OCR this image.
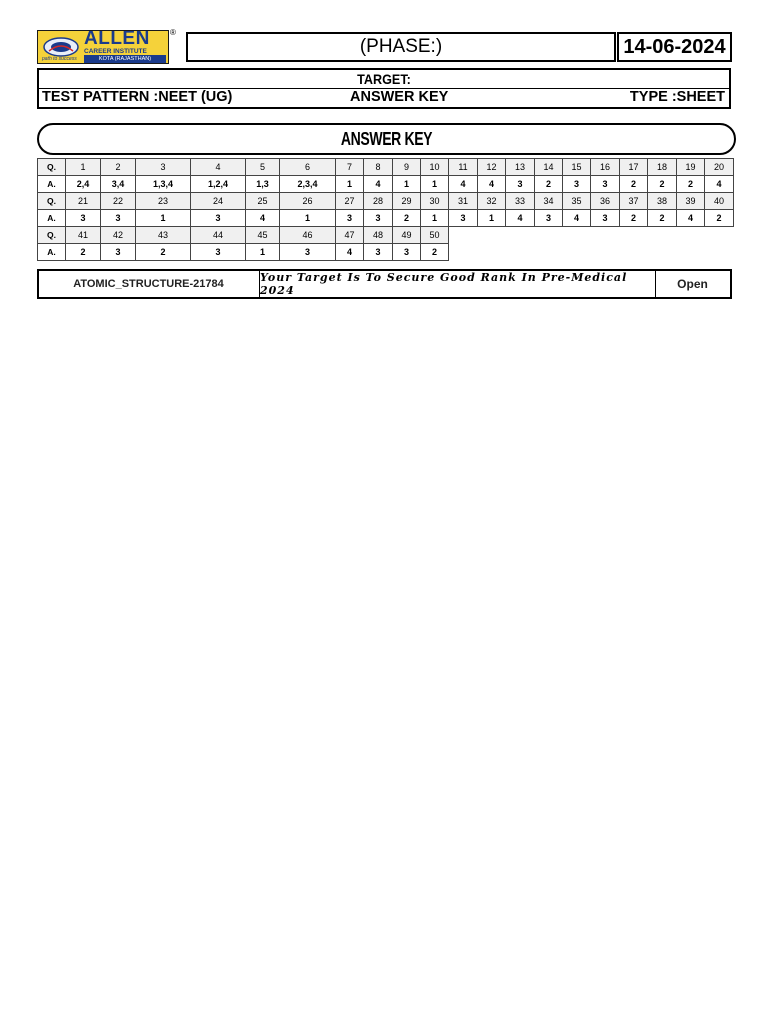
ALLEN
CAREER INSTITUTE
KOTA (RAJASTHAN)
path to success
®
(PHASE:)	14-06-2024
TARGET:
TEST PATTERN :NEET (UG)	ANSWER KEY	TYPE :SHEET
ANSWER KEY
Q.	1	2	3	4	5	6	7	8	9	10	11	12	13	14	15	16	17	18	19	20
A.	2,4	3,4	1,3,4	1,2,4	1,3	2,3,4	1	4	1	1	4	4	3	2	3	3	2	2	2	4
Q.	21	22	23	24	25	26	27	28	29	30	31	32	33	34	35	36	37	38	39	40
A.	3	3	1	3	4	1	3	3	2	1	3	1	4	3	4	3	2	2	4	2
Q.	41	42	43	44	45	46	47	48	49	50										
A.	2	3	2	3	1	3	4	3	3	2										
ATOMIC_STRUCTURE-21784	Your Target Is To Secure Good Rank In Pre-Medical 2024	Open
